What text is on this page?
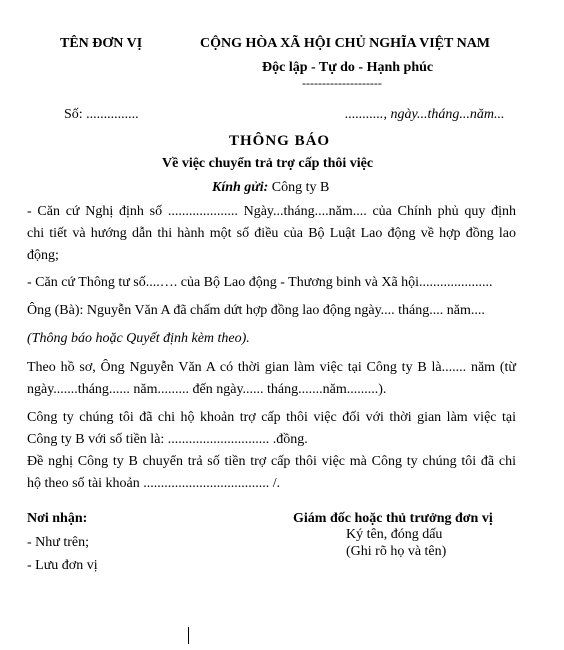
TÊN ĐƠN VỊ	CỘNG HÒA XÃ HỘI CHỦ NGHĨA VIỆT NAM
Độc lập - Tự do - Hạnh phúc
--------------------
Số: ...............	..........., ngày...tháng...năm...
THÔNG BÁO
Về việc chuyển trả trợ cấp thôi việc
Kính gửi: Công ty B
- Căn cứ Nghị định số .................... Ngày...tháng....năm.... của Chính phủ quy định
chi tiết và hướng dẫn thi hành một số điều của Bộ Luật Lao động về hợp đồng lao
động;
- Căn cứ Thông tư số....…. của Bộ Lao động - Thương binh và Xã hội.....................
Ông (Bà): Nguyễn Văn A đã chấm dứt hợp đồng lao động ngày.... tháng.... năm....
(Thông báo hoặc Quyết định kèm theo).
Theo hồ sơ, Ông Nguyễn Văn A có thời gian làm việc tại Công ty B là....... năm (từ
ngày.......tháng...... năm......... đến ngày...... tháng.......năm.........).
Công ty chúng tôi đã chi hộ khoản trợ cấp thôi việc đối với thời gian làm việc tại
Công ty B với số tiền là: ............................. .đồng.
Đề nghị Công ty B chuyển trả số tiền trợ cấp thôi việc mà Công ty chúng tôi đã chi
hộ theo số tài khoản .................................... /.
Nơi nhận:
- Như trên;
- Lưu đơn vị
Giám đốc hoặc thủ trưởng đơn vị
Ký tên, đóng dấu
(Ghi rõ họ và tên)
